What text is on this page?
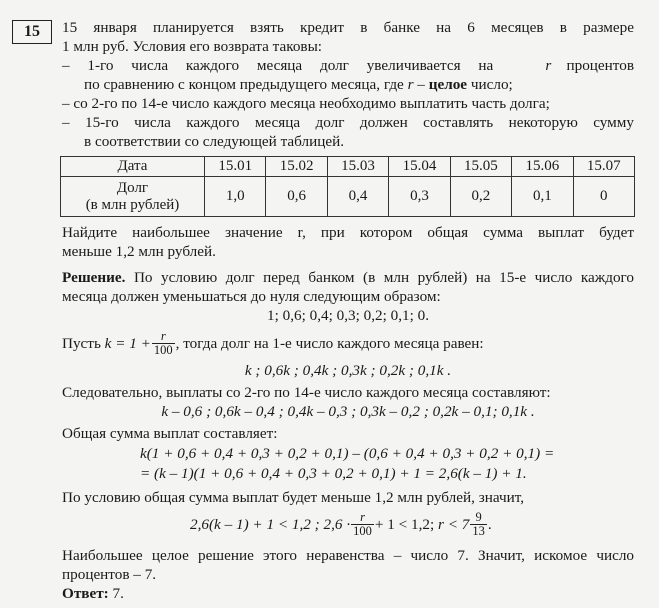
15	15 января планируется взять кредит в банке на 6 месяцев в размере
1 млн руб. Условия его возврата таковы:
– 1-го числа каждого месяца долг увеличивается на	r процентов
по сравнению с концом предыдущего месяца, где r – целое число;
– со 2-го по 14-е число каждого месяца необходимо выплатить часть долга;
– 15-го числа каждого месяца долг должен составлять некоторую сумму
в соответствии со следующей таблицей.
Дата	15.01	15.02	15.03	15.04	15.05	15.06	15.07

Долг
(в млн рублей)	1,0	0,6	0,4	0,3	0,2	0,1	0
Найдите наибольшее значение r, при котором общая сумма выплат будет
меньше 1,2 млн рублей.
Решение. По условию долг перед банком (в млн рублей) на 15-е число каждого
месяца должен уменьшаться до нуля следующим образом:
1; 0,6; 0,4; 0,3; 0,2; 0,1; 0.
Пусть
$k = 1 + \frac{r}{100}$ , тогда долг на 1-е число каждого месяца равен:
k ; 0,6k ; 0,4k ; 0,3k ; 0,2k ; 0,1k .
Следовательно, выплаты со 2-го по 14-е число каждого месяца составляют:
k – 0,6 ; 0,6k – 0,4 ; 0,4k – 0,3 ; 0,3k – 0,2 ; 0,2k – 0,1; 0,1k .
Общая сумма выплат составляет:
k(1 + 0,6 + 0,4 + 0,3 + 0,2 + 0,1) – (0,6 + 0,4 + 0,3 + 0,2 + 0,1) =
= (k – 1)(1 + 0,6 + 0,4 + 0,3 + 0,2 + 0,1) + 1 = 2,6(k – 1) + 1.
По условию общая сумма выплат будет меньше 1,2 млн рублей, значит,
2,6(k – 1) + 1 < 1,2 ; $2,6 \cdot \frac{r}{100} + 1 < 1,2$;
$r < 7 \frac{9}{13}$ .
Наибольшее целое решение этого неравенства – число 7. Значит, искомое число
процентов – 7.
Ответ: 7.
